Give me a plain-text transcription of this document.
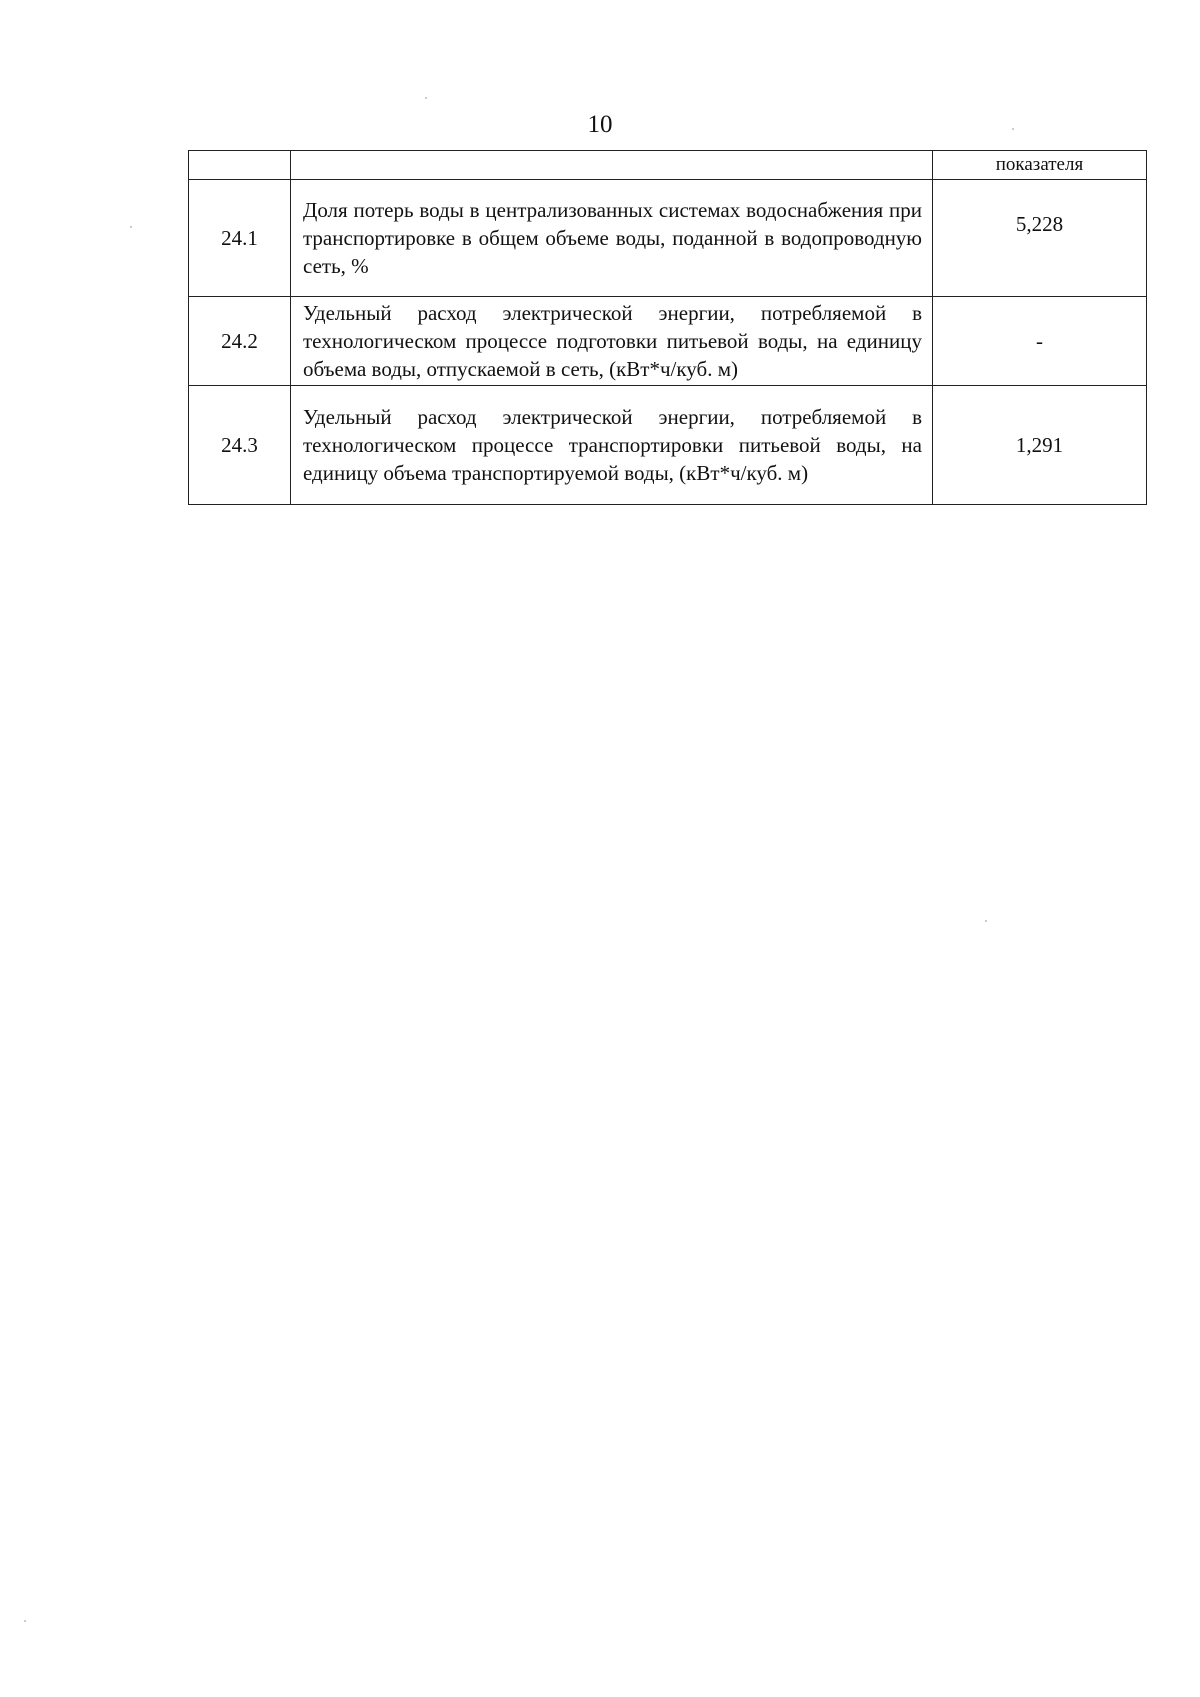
10
		показателя
24.1	Доля потерь воды в централизованных системах водоснабжения при транспортировке в общем объеме воды, поданной в водопроводную сеть, %	5,228
24.2	Удельный расход электрической энергии, потребляемой в технологическом процессе подготовки питьевой воды, на единицу объема воды, отпускаемой в сеть, (кВт*ч/куб. м)	-
24.3	Удельный расход электрической энергии, потребляемой в технологическом процессе транспортировки питьевой воды, на единицу объема транспортируемой воды, (кВт*ч/куб. м)	1,291
